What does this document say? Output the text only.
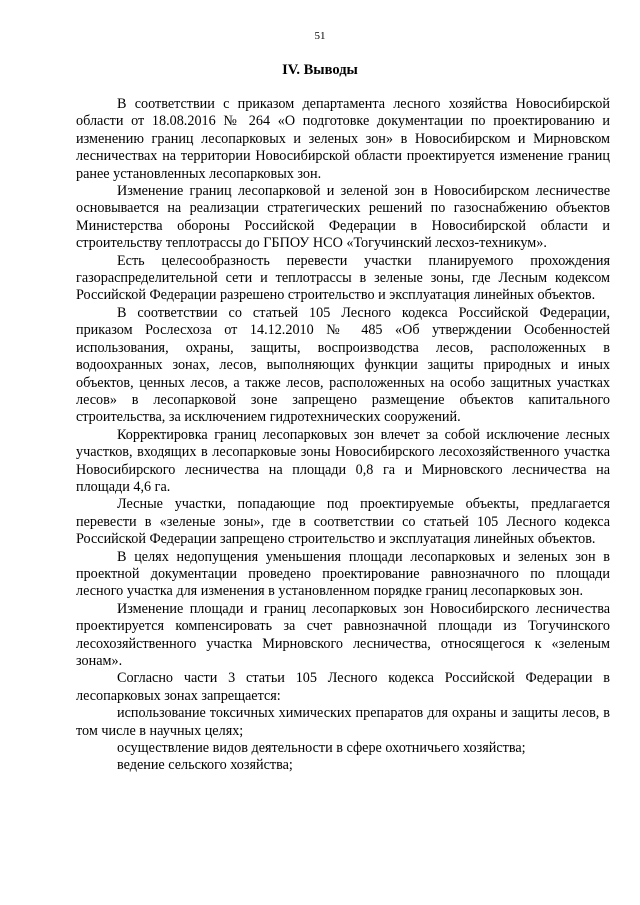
51
IV. Выводы

В соответствии с приказом департамента лесного хозяйства Новосибирской области от 18.08.2016 № 264 «О подготовке документации по проектированию и изменению границ лесопарковых и зеленых зон» в Новосибирском и Мирновском лесничествах на территории Новосибирской области проектируется изменение границ ранее установленных лесопарковых зон.

Изменение границ лесопарковой и зеленой зон в Новосибирском лесничестве основывается на реализации стратегических решений по газоснабжению объектов Министерства обороны Российской Федерации в Новосибирской области и строительству теплотрассы до ГБПОУ НСО «Тогучинский лесхоз-техникум».

Есть целесообразность перевести участки планируемого прохождения газораспределительной сети и теплотрассы в зеленые зоны, где Лесным кодексом Российской Федерации разрешено строительство и эксплуатация линейных объектов.

В соответствии со статьей 105 Лесного кодекса Российской Федерации, приказом Рослесхоза от 14.12.2010 № 485 «Об утверждении Особенностей использования, охраны, защиты, воспроизводства лесов, расположенных в водоохранных зонах, лесов, выполняющих функции защиты природных и иных объектов, ценных лесов, а также лесов, расположенных на особо защитных участках лесов» в лесопарковой зоне запрещено размещение объектов капитального строительства, за исключением гидротехнических сооружений.

Корректировка границ лесопарковых зон влечет за собой исключение лесных участков, входящих в лесопарковые зоны Новосибирского лесохозяйственного участка Новосибирского лесничества на площади 0,8 га и Мирновского лесничества на площади 4,6 га.

Лесные участки, попадающие под проектируемые объекты, предлагается перевести в «зеленые зоны», где в соответствии со статьей 105 Лесного кодекса Российской Федерации запрещено строительство и эксплуатация линейных объектов.

В целях недопущения уменьшения площади лесопарковых и зеленых зон в проектной документации проведено проектирование равнозначного по площади лесного участка для изменения в установленном порядке границ лесопарковых зон.

Изменение площади и границ лесопарковых зон Новосибирского лесничества проектируется компенсировать за счет равнозначной площади из Тогучинского лесохозяйственного участка Мирновского лесничества, относящегося к «зеленым зонам».

Согласно части 3 статьи 105 Лесного кодекса Российской Федерации в лесопарковых зонах запрещается:

использование токсичных химических препаратов для охраны и защиты лесов, в том числе в научных целях;

осуществление видов деятельности в сфере охотничьего хозяйства;

ведение сельского хозяйства;
